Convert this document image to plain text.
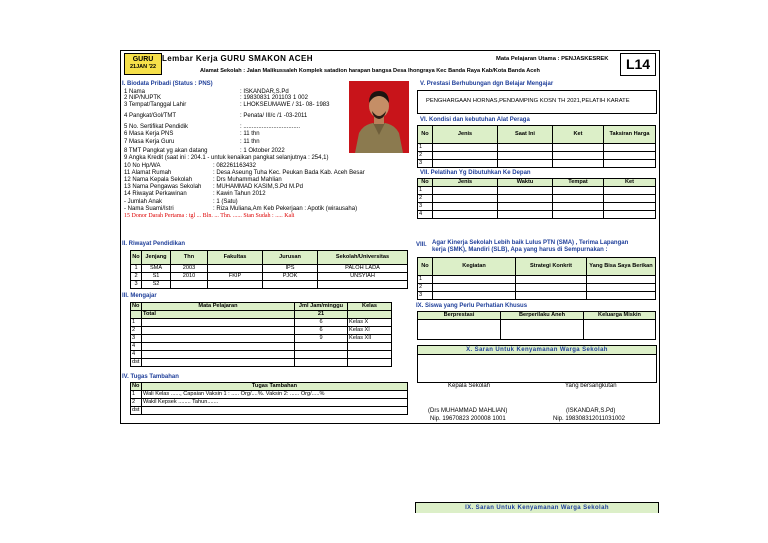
GURU
21JAN '22
Lembar Kerja GURU SMAKON ACEH	Mata Pelajaran Utama : PENJASKESREK
Alamat Sekolah : Jalan Malikussaleh Komplek satadion harapan bangsa Desa lhongraya Kec Banda Raya Kab/Kota Banda Aceh	L14
I. Biodata Pribadi (Status : PNS)
1 Nama	: ISKANDAR,S.Pd
2 NIP/NUPTK	: 19830831 201103 1 002
3 Tempat/Tanggal Lahir	: LHOKSEUMAWE / 31- 08- 1983
4 Pangkat/Gol/TMT	: Penata/ III/c /1 -03-2011
5 No. Sertifikat Pendidik	: ..................................
6 Masa Kerja PNS	: 11 thn
7 Masa Kerja Guru	: 11 thn
8 TMT Pangkat yg akan datang	: 1 Oktober 2022
9 Angka Kredit (saat ini : 204.1 - untuk kenaikan pangkat selanjutnya : 254,1)
10 No Hp/WA	: 082261163432
11 Alamat Rumah	: Desa Aseung Tuha Kec. Peukan Bada Kab. Aceh Besar
12 Nama Kepala Sekolah	: Drs Muhammad Mahlian
13 Nama Pengawas Sekolah : MUHAMMAD KASIM,S.Pd M.Pd
14 Riwayat Perkawinan	: Kawin Tahun 2012
- Jumlah Anak	: 1 (Satu)
- Nama Suami/Istri	: Riza Muliana,Am Keb Pekerjaan : Apotik (wirausaha)
15 Donor Darah Pertama : tgl ... Bln. ... Thn. ...... Stan Sudah : ..... Kali
II. Riwayat Pendidikan
No	Jenjang	Thn	Fakultas	Jurusan	Sekolah/Universitas
1	SMA	2003		IPS	PALOH LADA
2	S1	2010	FKIP	PJOK	UNSYIAH
3	S2				
III. Mengajar
No	Mata Pelajaran	Jml Jam/minggu	Kelas
	Total	21	
1		6	Kelas X
2		6	Kelas XI
3		9	Kelas XII
4			
4			
dst			
IV. Tugas Tambahan
No	Tugas Tambahan
1	Wali Kelas ......, Capaian Vaksin 1 : ..... Org/....%. Vaksin 2: ...... Org/.....%
2	Wakil Kepsek ........ Tahun.......
dst	
V. Prestasi Berhubungan dgn Belajar Mengajar
PENGHARGAAN HORNAS,PENDAMPING KOSN TH 2021,PELATIH KARATE
VI. Kondisi dan kebutuhan Alat Peraga
No	Jenis	Saat Ini	Ket	Taksiran Harga
1				
2				
3				
VII. Pelatihan Yg Dibutuhkan Ke Depan
No	Jenis	Waktu	Tempat	Ket
1				
2				
3				
4				
VIII. Agar Kinerja Sekolah Lebih baik Lulus PTN (SMA) , Terima Lapangan
kerja (SMK), Mandiri (SLB), Apa yang harus di Sempurnakan :
No	Kegiatan	Strategi Konkrit	Yang Bisa Saya Berikan
1			
2			
3			
IX. Siswa yang Perlu Perhatian Khusus
Berprestasi	Berperilaku Aneh	Keluarga Miskin

X. Saran Untuk Kenyamanan Warga Sekolah
Kepala Sekolah	Yang bersangkutan
(Drs MUHAMMAD MAHLIAN)
Nip. 19670823 200008 1001
(ISKANDAR,S.Pd)
Nip. 198308312011031002
IX. Saran Untuk Kenyamanan Warga Sekolah
